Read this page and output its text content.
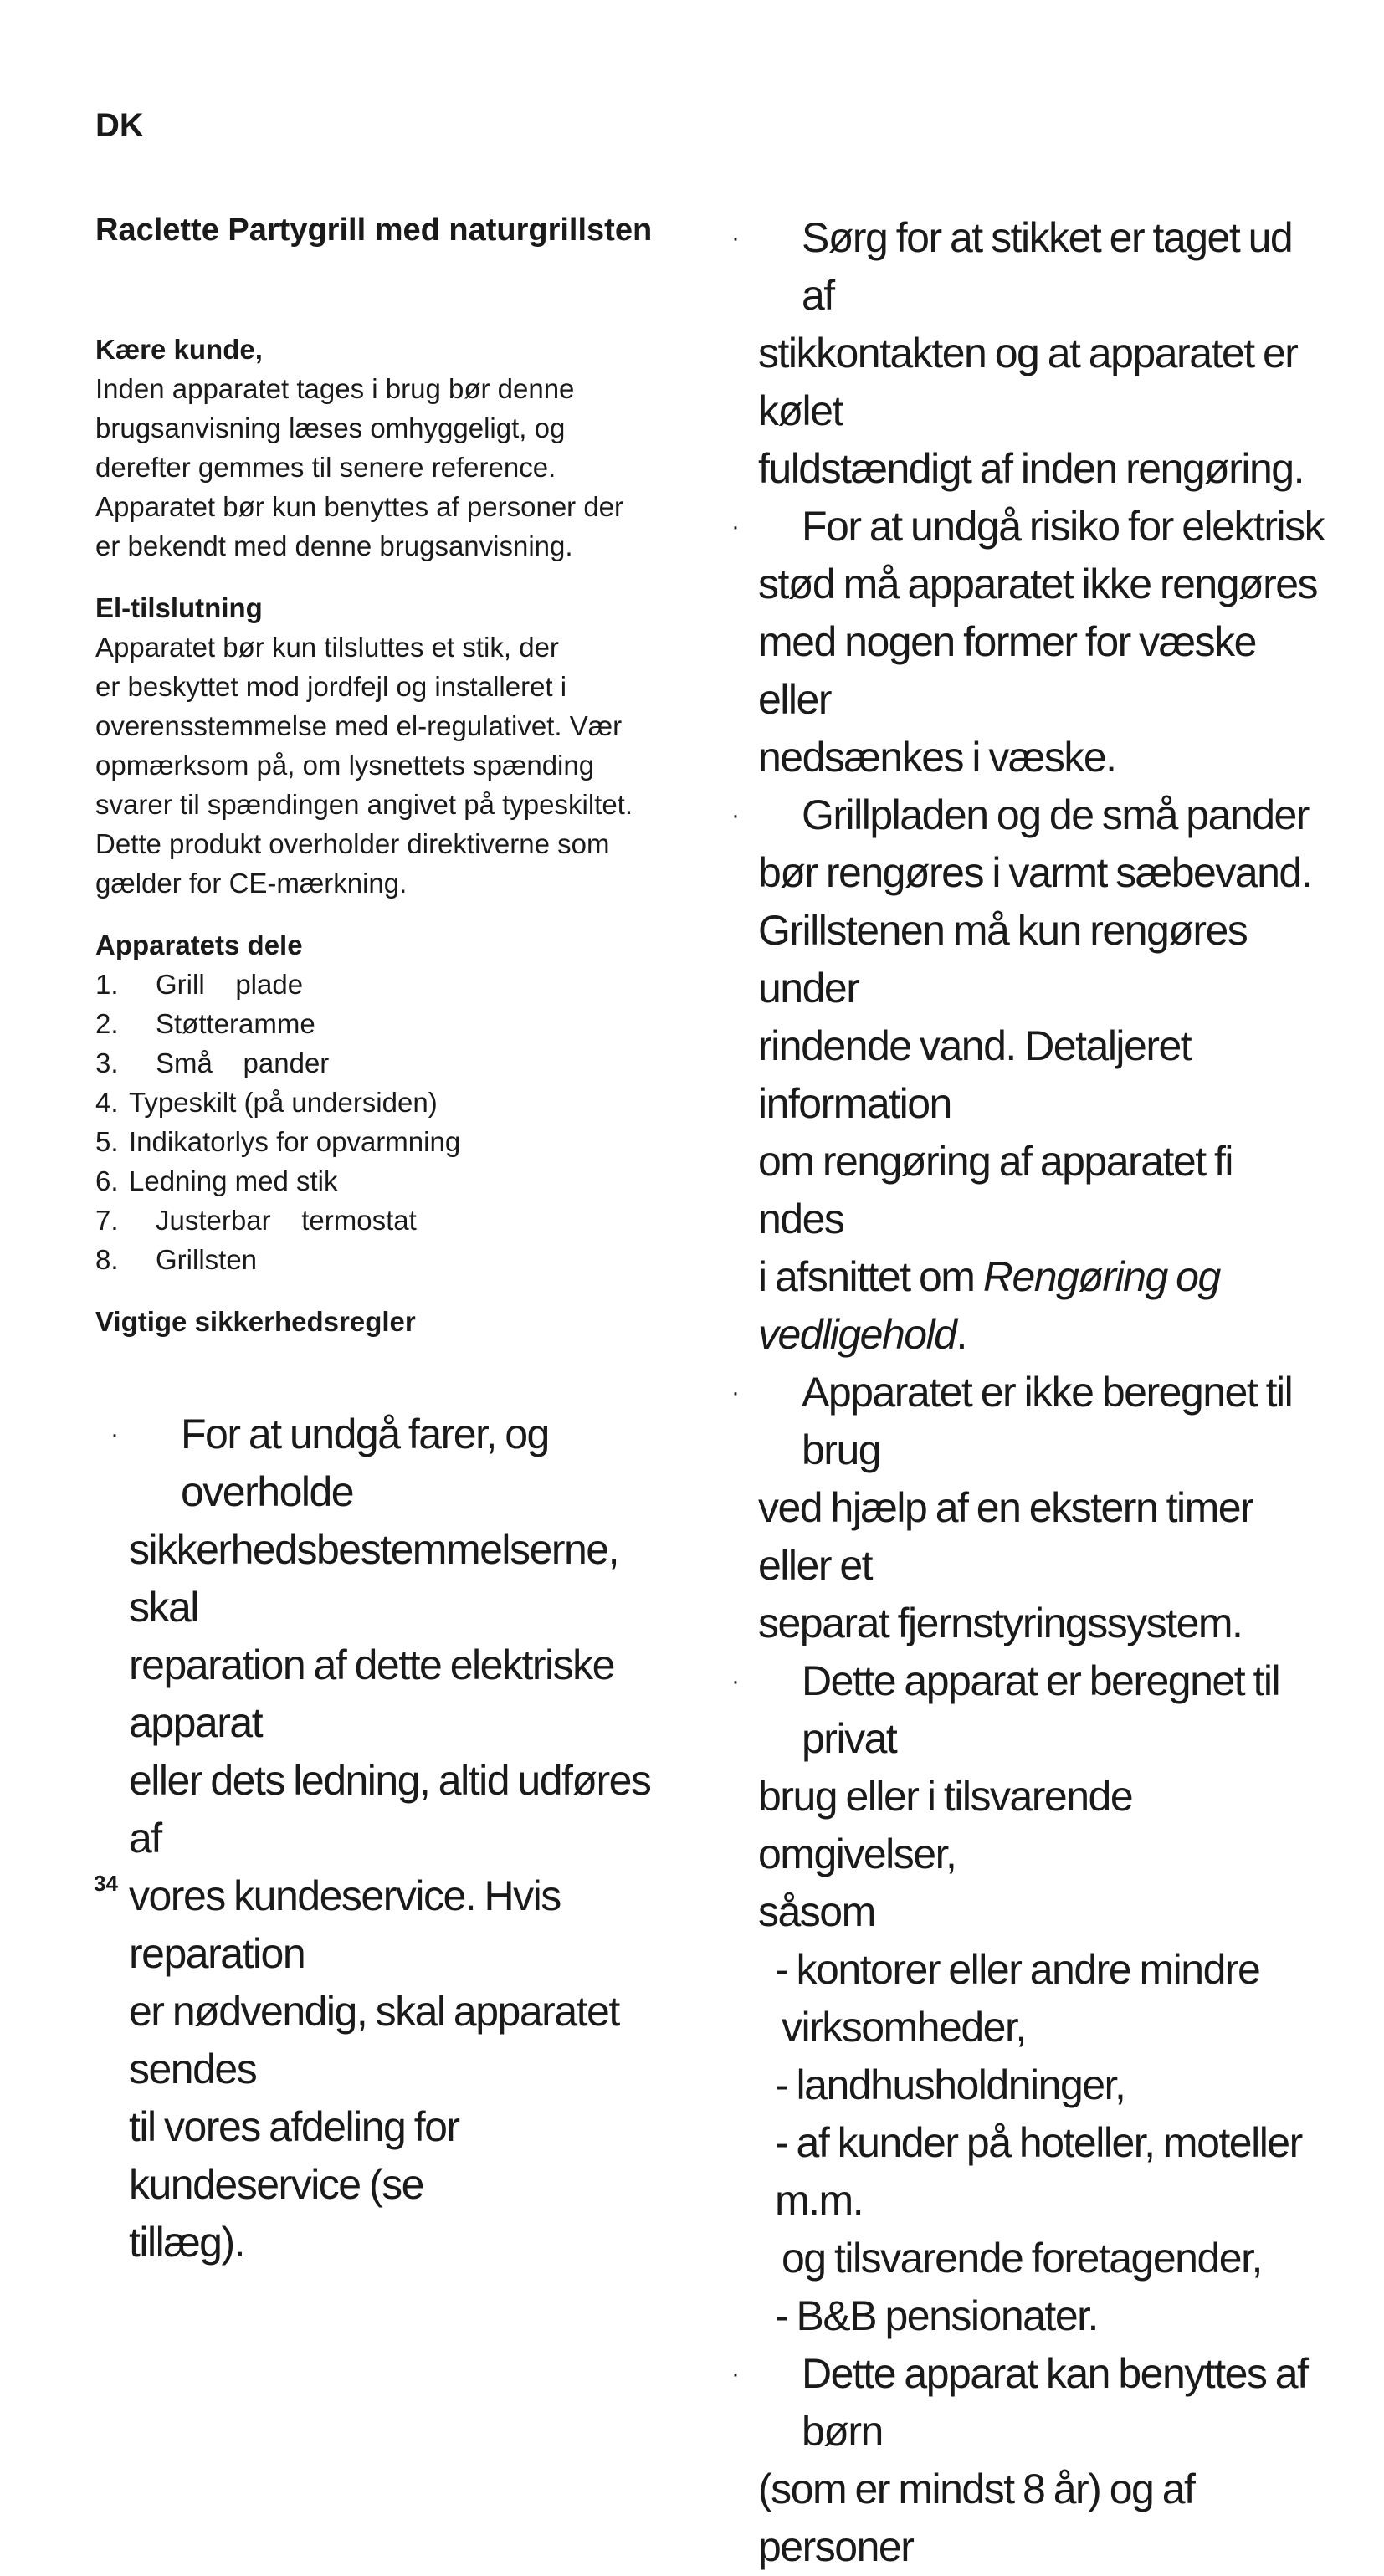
DK
Raclette Partygrill med naturgrillsten
Kære kunde,

Inden apparatet tages i brug bør denne

brugsanvisning læses omhyggeligt, og

derefter gemmes til senere reference.

Apparatet bør kun benyttes af personer der

er bekendt med denne brugsanvisning.

El-tilslutning

Apparatet bør kun tilsluttes et stik, der

er beskyttet mod jordfejl og installeret i

overensstemmelse med el-regulativet. Vær

opmærksom på, om lysnettets spænding

svarer til spændingen angivet på typeskiltet.

Dette produkt overholder direktiverne som

gælder for CE-mærkning.

Apparatets dele
1.	Grill    plade
2.	Støtteramme
3.	Små    pander
4. Typeskilt (på undersiden)
5. Indikatorlys for opvarmning
6. Ledning med stik
7.	Justerbar    termostat
8.	Grillsten
Vigtige sikkerhedsregler
· For at undgå farer, og overholde
sikkerhedsbestemmelserne, skal
reparation af dette elektriske apparat
eller dets ledning, altid udføres af
vores kundeservice. Hvis reparation
er nødvendig, skal apparatet sendes
til vores afdeling for kundeservice (se
tillæg).
· Sørg for at stikket er taget ud af
stikkontakten og at apparatet er kølet
fuldstændigt af inden rengøring.
· For at undgå risiko for elektrisk
stød må apparatet ikke rengøres
med nogen former for væske eller
nedsænkes i væske.
· Grillpladen og de små pander
bør rengøres i varmt sæbevand.
Grillstenen må kun rengøres under
rindende vand. Detaljeret information
om rengøring af apparatet fi ndes
i afsnittet om Rengøring og
vedligehold.
· Apparatet er ikke beregnet til brug
ved hjælp af en ekstern timer eller et
separat fjernstyringssystem.
· Dette apparat er beregnet til privat
brug eller i tilsvarende omgivelser,
såsom
- kontorer eller andre mindre
virksomheder,
- landhusholdninger,
- af kunder på hoteller, moteller m.m.
og tilsvarende foretagender,
- B&B pensionater.
· Dette apparat kan benyttes af børn
(som er mindst 8 år) og af personer
34
